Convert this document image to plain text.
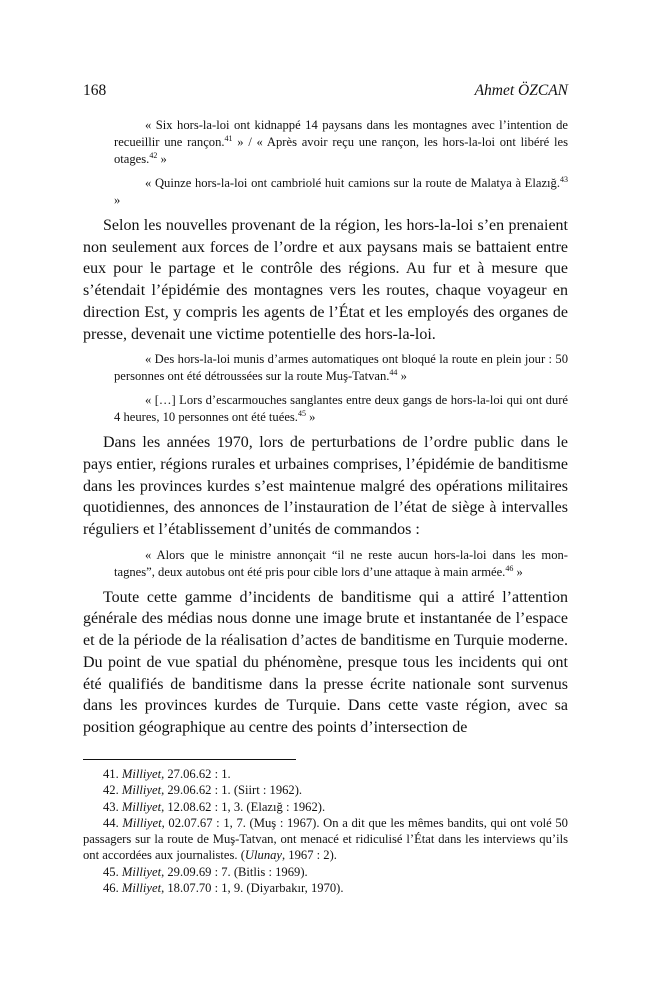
168	Ahmet ÖZCAN

« Six hors-la-loi ont kidnappé 14 paysans dans les montagnes avec l’intention de recueillir une rançon.$^{41}$ » / « Après avoir reçu une rançon, les hors-la-loi ont libéré les otages.$^{42}$ »

« Quinze hors-la-loi ont cambriolé huit camions sur la route de Malatya à Elazığ.$^{43}$ »

Selon les nouvelles provenant de la région, les hors-la-loi s’en prenaient non seulement aux forces de l’ordre et aux paysans mais se battaient entre eux pour le partage et le contrôle des régions. Au fur et à mesure que s’étendait l’épidémie des montagnes vers les routes, chaque voyageur en direction Est, y compris les agents de l’État et les employés des organes de presse, devenait une victime potentielle des hors-la-loi.

« Des hors-la-loi munis d’armes automatiques ont bloqué la route en plein jour : 50 personnes ont été détroussées sur la route Muş-Tatvan.$^{44}$ »

« […] Lors d’escarmouches sanglantes entre deux gangs de hors-la-loi qui ont duré 4 heures, 10 personnes ont été tuées.$^{45}$ »

Dans les années 1970, lors de perturbations de l’ordre public dans le pays entier, régions rurales et urbaines comprises, l’épidémie de banditisme dans les provinces kurdes s’est maintenue malgré des opérations militaires quotidiennes, des annonces de l’instauration de l’état de siège à intervalles réguliers et l’établissement d’unités de commandos :

« Alors que le ministre annonçait “il ne reste aucun hors-la-loi dans les montagnes”, deux autobus ont été pris pour cible lors d’une attaque à main armée.$^{46}$ »

Toute cette gamme d’incidents de banditisme qui a attiré l’attention générale des médias nous donne une image brute et instantanée de l’espace et de la période de la réalisation d’actes de banditisme en Turquie moderne. Du point de vue spatial du phénomène, presque tous les incidents qui ont été qualifiés de banditisme dans la presse écrite nationale sont survenus dans les provinces kurdes de Turquie. Dans cette vaste région, avec sa position géographique au centre des points d’intersection de

41. Milliyet, 27.06.62 : 1.

42. Milliyet, 29.06.62 : 1. (Siirt : 1962).

43. Milliyet, 12.08.62 : 1, 3. (Elazığ : 1962).

44. Milliyet, 02.07.67 : 1, 7. (Muş : 1967). On a dit que les mêmes bandits, qui ont volé 50 passagers sur la route de Muş-Tatvan, ont menacé et ridiculisé l’État dans les interviews qu’ils ont accordées aux journalistes. (Ulunay, 1967 : 2).

45. Milliyet, 29.09.69 : 7. (Bitlis : 1969).

46. Milliyet, 18.07.70 : 1, 9. (Diyarbakır, 1970).
